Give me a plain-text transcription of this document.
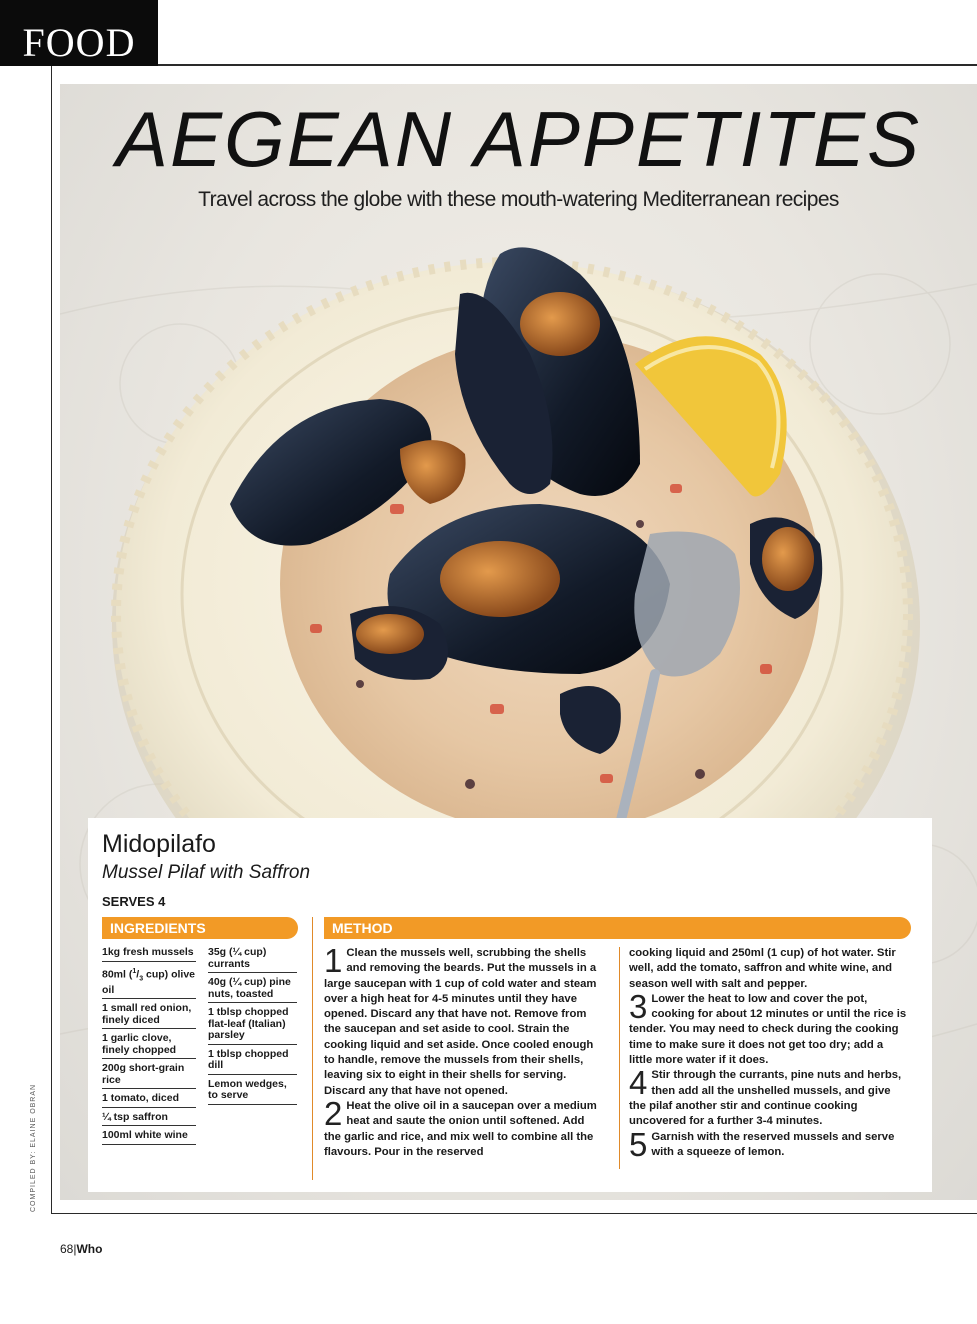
FOOD
AEGEAN APPETITES
Travel across the globe with these mouth-watering Mediterranean recipes
Midopilafo
Mussel Pilaf with Saffron
SERVES 4
INGREDIENTS	METHOD
1kg fresh mussels
80ml ($^1/_3$ cup) olive oil
1 small red onion, finely diced
1 garlic clove, finely chopped
200g short-grain rice
1 tomato, diced
¼ tsp saffron
100ml white wine
35g (¼ cup) currants
40g (¼ cup) pine nuts, toasted
1 tblsp chopped flat-leaf (Italian) parsley
1 tblsp chopped dill
Lemon wedges, to serve

1 Clean the mussels well, scrubbing the shells and removing the beards. Put the mussels in a large saucepan with 1 cup of cold water and steam over a high heat for 4-5 minutes until they have opened. Discard any that have not. Remove from the saucepan and set aside to cool. Strain the cooking liquid and set aside. Once cooled enough to handle, remove the mussels from their shells, leaving six to eight in their shells for serving. Discard any that have not opened.

2 Heat the olive oil in a saucepan over a medium heat and saute the onion until softened. Add the garlic and rice, and mix well to combine all the flavours. Pour in the reserved

cooking liquid and 250ml (1 cup) of hot water. Stir well, add the tomato, saffron and white wine, and season well with salt and pepper.

3 Lower the heat to low and cover the pot, cooking for about 12 minutes or until the rice is tender. You may need to check during the cooking time to make sure it does not get too dry; add a little more water if it does.

4 Stir through the currants, pine nuts and herbs, then add all the unshelled mussels, and give the pilaf another stir and continue cooking uncovered for a further 3-4 minutes.

5 Garnish with the reserved mussels and serve with a squeeze of lemon.

COMPILED BY: ELAINE OBRAN
68|Who
